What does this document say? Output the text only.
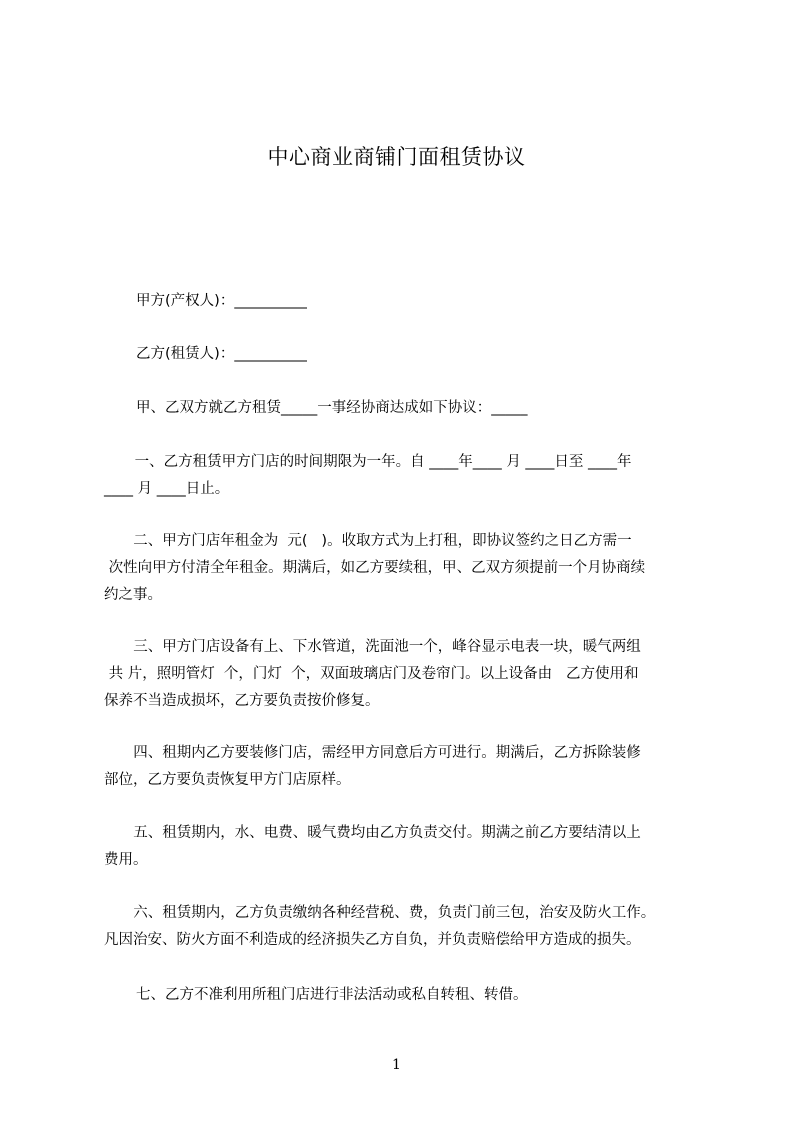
中心商业商铺门面租赁协议
甲方(产权人)：__________
乙方(租赁人)：__________
甲、乙双方就乙方租赁_____一事经协商达成如下协议：_____
一、乙方租赁甲方门店的时间期限为一年。自 ____年____ 月 ____日至 ____年
____ 月 ____日止。
二、甲方门店年租金为  元(   )。收取方式为上打租，即协议签约之日乙方需一
次性向甲方付清全年租金。期满后，如乙方要续租，甲、乙双方须提前一个月协商续
约之事。
三、甲方门店设备有上、下水管道，洗面池一个，峰谷显示电表一块，暖气两组
共 片，照明管灯  个，门灯  个，双面玻璃店门及卷帘门。以上设备由   乙方使用和
保养不当造成损坏，乙方要负责按价修复。
四、租期内乙方要装修门店，需经甲方同意后方可进行。期满后，乙方拆除装修
部位，乙方要负责恢复甲方门店原样。
五、租赁期内，水、电费、暖气费均由乙方负责交付。期满之前乙方要结清以上
费用。
六、租赁期内，乙方负责缴纳各种经营税、费，负责门前三包，治安及防火工作。
凡因治安、防火方面不利造成的经济损失乙方自负，并负责赔偿给甲方造成的损失。
七、乙方不准利用所租门店进行非法活动或私自转租、转借。
1
